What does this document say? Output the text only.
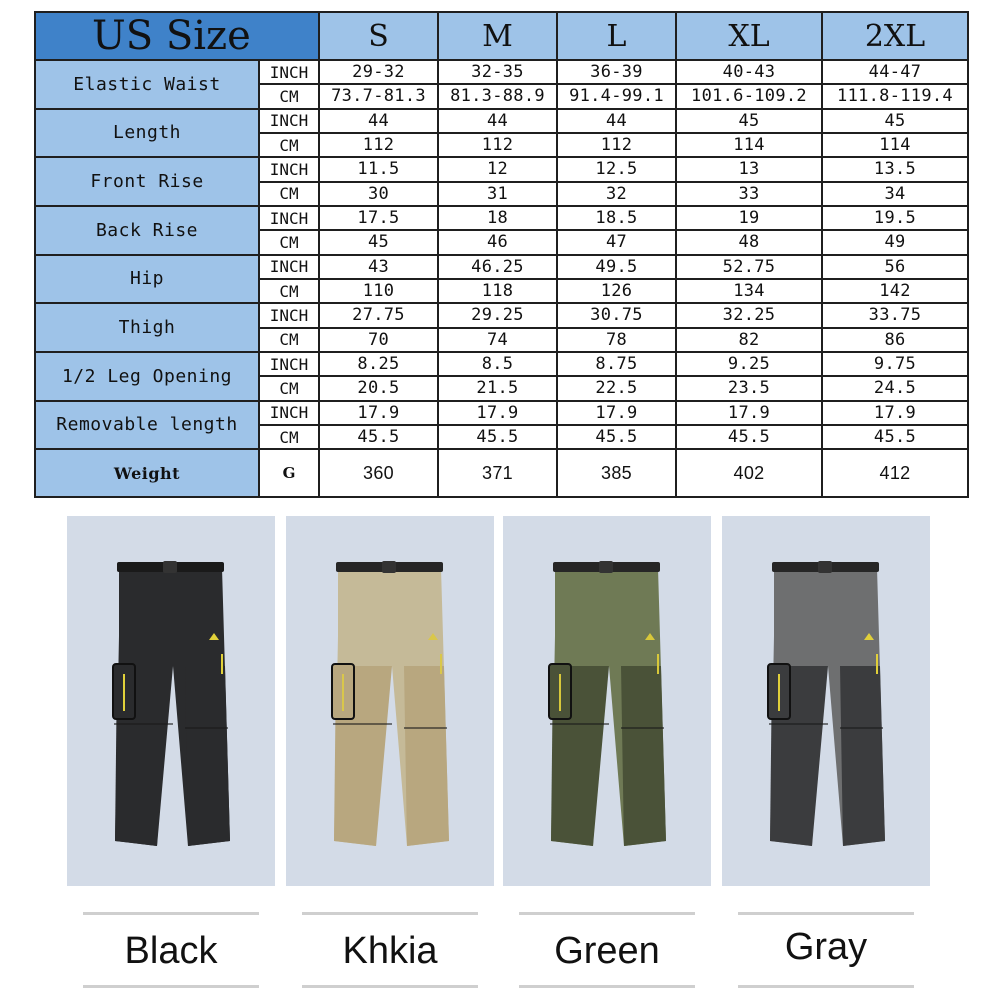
US Size		S	M	L	XL	2XL
Elastic Waist	INCH	29-32	32-35	36-39	40-43	44-47
	CM	73.7-81.3	81.3-88.9	91.4-99.1	101.6-109.2	111.8-119.4
Length	INCH	44	44	44	45	45
	CM	112	112	112	114	114
Front Rise	INCH	11.5	12	12.5	13	13.5
	CM	30	31	32	33	34
Back Rise	INCH	17.5	18	18.5	19	19.5
	CM	45	46	47	48	49
Hip	INCH	43	46.25	49.5	52.75	56
	CM	110	118	126	134	142
Thigh	INCH	27.75	29.25	30.75	32.25	33.75
	CM	70	74	78	82	86
1/2 Leg Opening	INCH	8.25	8.5	8.75	9.25	9.75
	CM	20.5	21.5	22.5	23.5	24.5
Removable length	INCH	17.9	17.9	17.9	17.9	17.9
	CM	45.5	45.5	45.5	45.5	45.5
Weight	G	360	371	385	402	412
Black	Khkia	Green	Gray
